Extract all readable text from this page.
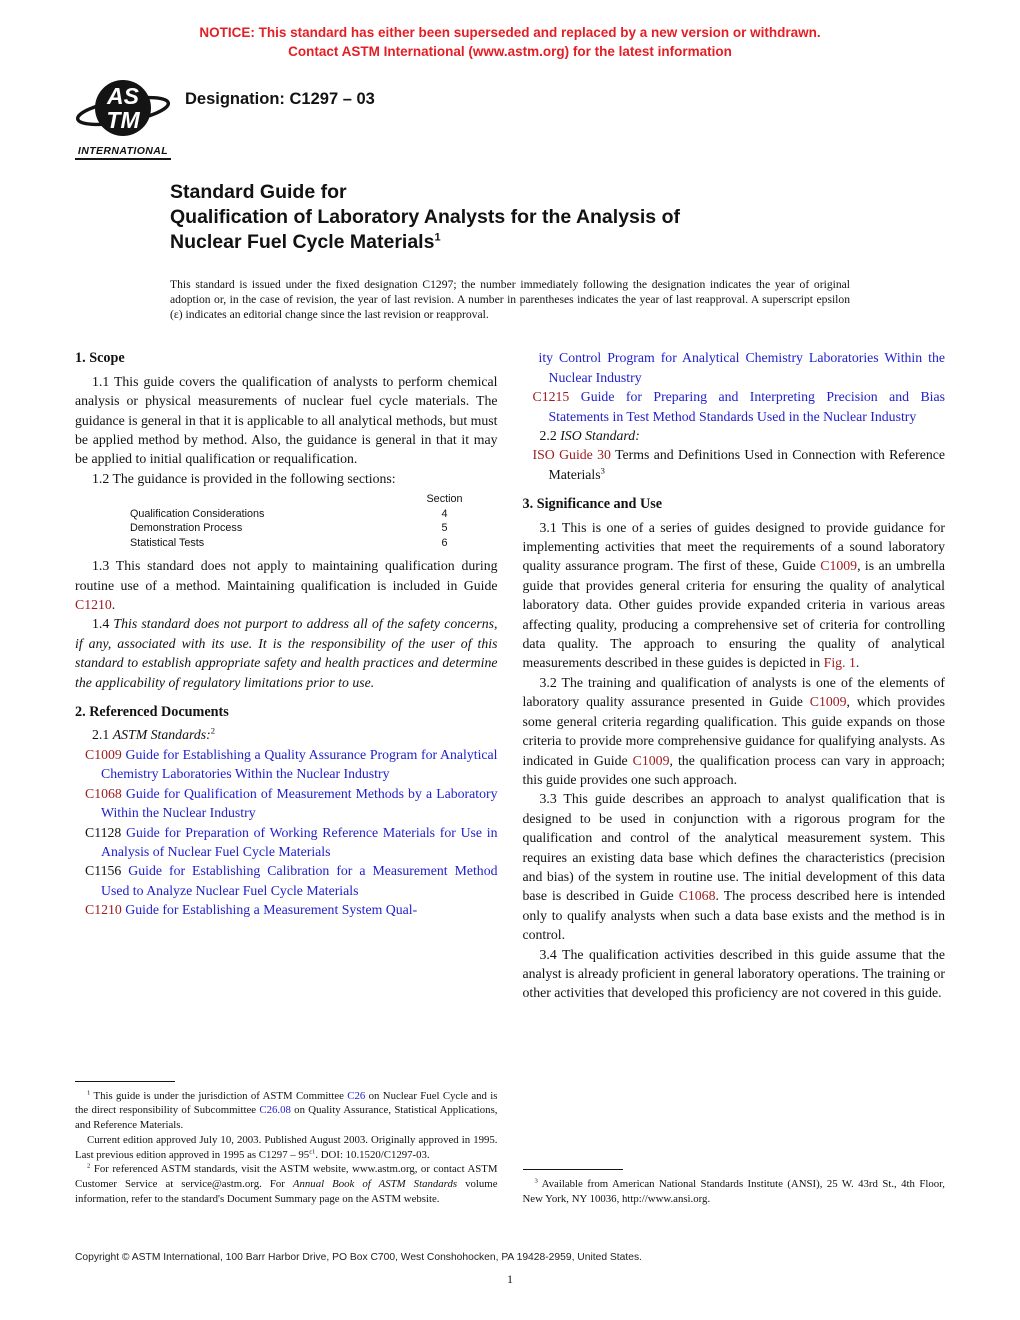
NOTICE: This standard has either been superseded and replaced by a new version or withdrawn.
Contact ASTM International (www.astm.org) for the latest information
AS
TM
INTERNATIONAL
Designation: C1297 – 03
Standard Guide for
Qualification of Laboratory Analysts for the Analysis of
Nuclear Fuel Cycle Materials$^1$

This standard is issued under the fixed designation C1297; the number immediately following the designation indicates the year of original adoption or, in the case of revision, the year of last revision. A number in parentheses indicates the year of last reapproval. A superscript epsilon (ε) indicates an editorial change since the last revision or reapproval.

1. Scope
1.1 This guide covers the qualification of analysts to perform chemical analysis or physical measurements of nuclear fuel cycle materials. The guidance is general in that it is applicable to all analytical methods, but must be applied method by method. Also, the guidance is general in that it may be applied to initial qualification or requalification.
1.2 The guidance is provided in the following sections:
Section
Qualification Considerations	4
Demonstration Process	5
Statistical Tests	6
1.3 This standard does not apply to maintaining qualification during routine use of a method. Maintaining qualification is included in Guide C1210.
1.4 This standard does not purport to address all of the safety concerns, if any, associated with its use. It is the responsibility of the user of this standard to establish appropriate safety and health practices and determine the applicability of regulatory limitations prior to use.
2. Referenced Documents
2.1 ASTM Standards:$^2$
C1009 Guide for Establishing a Quality Assurance Program for Analytical Chemistry Laboratories Within the Nuclear Industry
C1068 Guide for Qualification of Measurement Methods by a Laboratory Within the Nuclear Industry
C1128 Guide for Preparation of Working Reference Materials for Use in Analysis of Nuclear Fuel Cycle Materials
C1156 Guide for Establishing Calibration for a Measurement Method Used to Analyze Nuclear Fuel Cycle Materials
C1210 Guide for Establishing a Measurement System Qual-
$^1$ This guide is under the jurisdiction of ASTM Committee C26 on Nuclear Fuel Cycle and is the direct responsibility of Subcommittee C26.08 on Quality Assurance, Statistical Applications, and Reference Materials.
Current edition approved July 10, 2003. Published August 2003. Originally approved in 1995. Last previous edition approved in 1995 as $C1297 - 95^{\varepsilon 1}$. DOI: 10.1520/C1297-03.
$^2$ For referenced ASTM standards, visit the ASTM website, www.astm.org, or contact ASTM Customer Service at service@astm.org. For Annual Book of ASTM Standards volume information, refer to the standard's Document Summary page on the ASTM website.
ity Control Program for Analytical Chemistry Laboratories Within the Nuclear Industry
C1215 Guide for Preparing and Interpreting Precision and Bias Statements in Test Method Standards Used in the Nuclear Industry
2.2 ISO Standard:
ISO Guide 30 Terms and Definitions Used in Connection with Reference Materials$^3$
3. Significance and Use
3.1 This is one of a series of guides designed to provide guidance for implementing activities that meet the requirements of a sound laboratory quality assurance program. The first of these, Guide C1009, is an umbrella guide that provides general criteria for ensuring the quality of analytical laboratory data. Other guides provide expanded criteria in various areas affecting quality, producing a comprehensive set of criteria for controlling data quality. The approach to ensuring the quality of analytical measurements described in these guides is depicted in Fig. 1.
3.2 The training and qualification of analysts is one of the elements of laboratory quality assurance presented in Guide C1009, which provides some general criteria regarding qualification. This guide expands on those criteria to provide more comprehensive guidance for qualifying analysts. As indicated in Guide C1009, the qualification process can vary in approach; this guide provides one such approach.
3.3 This guide describes an approach to analyst qualification that is designed to be used in conjunction with a rigorous program for the qualification and control of the analytical measurement system. This requires an existing data base which defines the characteristics (precision and bias) of the system in routine use. The initial development of this data base is described in Guide C1068. The process described here is intended only to qualify analysts when such a data base exists and the method is in control.
3.4 The qualification activities described in this guide assume that the analyst is already proficient in general laboratory operations. The training or other activities that developed this proficiency are not covered in this guide.
$^3$ Available from American National Standards Institute (ANSI), 25 W. 43rd St., 4th Floor, New York, NY 10036, http://www.ansi.org.
Copyright © ASTM International, 100 Barr Harbor Drive, PO Box C700, West Conshohocken, PA 19428-2959, United States.
1
